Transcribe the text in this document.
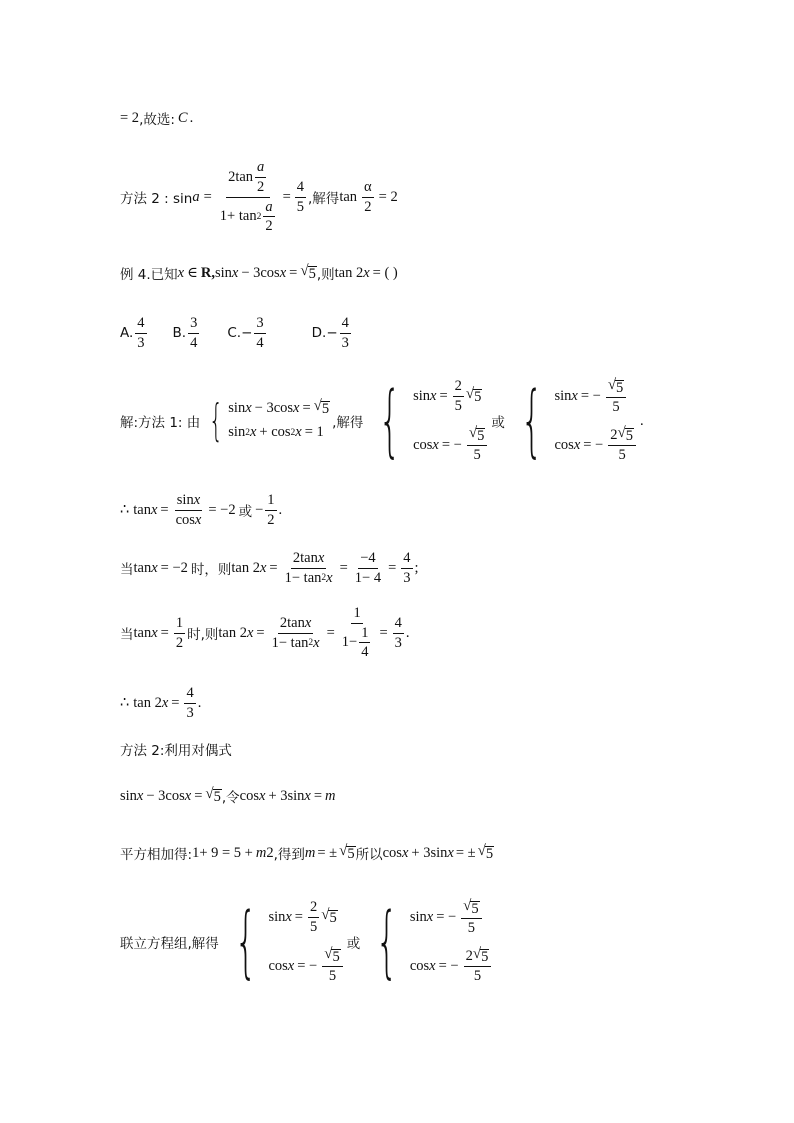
= 2 ,故选: C .
方法 2 : $\sin a = \frac{2\tan \frac{a}{2}}{1+ \tan 2 \frac{a}{2}} = \frac{4}{5}$ ,解得 $\tan \frac{\alpha}{2} = 2$
例 4.已知 x ∈ R , sin x − 3cos x = √ 5 ,则 tan 2 x = ( )
A. $\frac{4}{3} B$. $\frac{3}{4} C.- \frac{3}{4}$	$D.- \frac{4}{3}$
解:方法 1: 由 { sin x − 3cos x = √ 5
sin 2 x + cos 2 x = 1
,解得 { $\sin x = \frac{2}{5}$ √ 5
cos x = − $\frac{√ 5}{5}$
或 { sin x = − $\frac{√ 5}{5}$
cos x = − $\frac{2 √ 5}{5}$
.
∴ $\tan x = \frac{\text{sin x}}{\text{cos x}} = -2$ 或 − $\frac{1}{2}$ .
当 tan x = −2 时，则 tan 2 $x = \frac{\text{2tan x}}{1- \tan 2 x} = \frac{-4}{1- 4} = \frac{4}{3}$ ;
当 $\tan x = \frac{1}{2}$ 时,则 tan 2 $x = \frac{\text{2tan x}}{1- \tan 2 x} = \frac{1}{1- \frac{1}{4}} = \frac{4}{3}$ .
∴ tan 2 $x = \frac{4}{3}$ .
方法 2:利用对偶式
sin x − 3cos x = √ 5 ,令 cos x + 3sin x = m
平方相加得: 1+ 9 = 5 + m 2 ,得到 m = ± √ 5 所以 cos x + 3sin x = ± √ 5
联立方程组,解得 { $\sin x = \frac{2}{5}$ √ 5
cos x = − $\frac{√ 5}{5}$
或 { sin x = − $\frac{√ 5}{5}$
cos x = − $\frac{2 √ 5}{5}$
